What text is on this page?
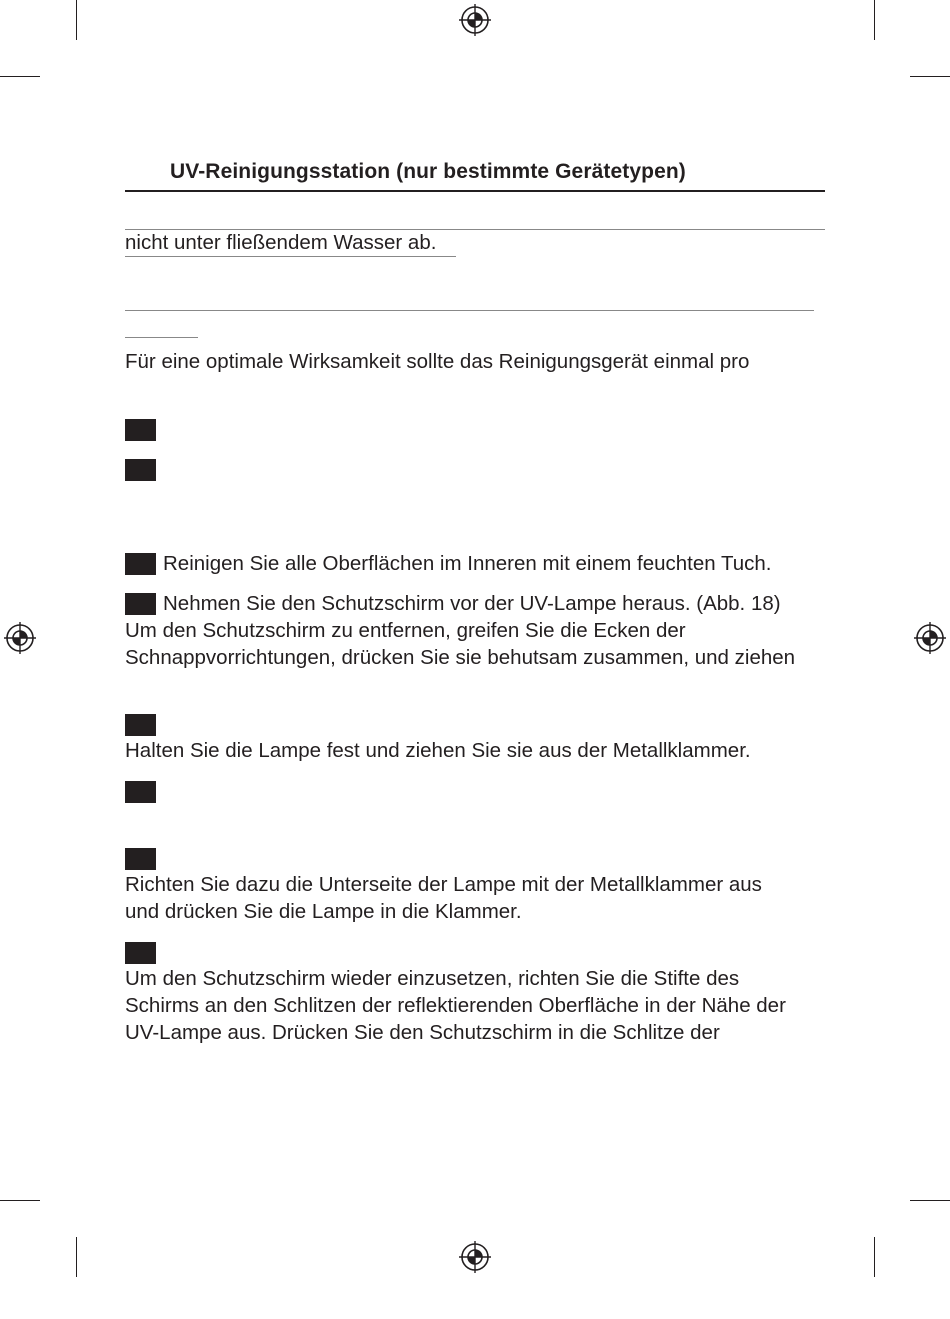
UV-Reinigungsstation (nur bestimmte Gerätetypen)
nicht unter fließendem Wasser ab.
Für eine optimale Wirksamkeit sollte das Reinigungsgerät einmal pro
Reinigen Sie alle Oberflächen im Inneren mit einem feuchten Tuch.
Nehmen Sie den Schutzschirm vor der UV-Lampe heraus. (Abb. 18)
Um den Schutzschirm zu entfernen, greifen Sie die Ecken der
Schnappvorrichtungen, drücken Sie sie behutsam zusammen, und ziehen
Halten Sie die Lampe fest und ziehen Sie sie aus der Metallklammer.
Richten Sie dazu die Unterseite der Lampe mit der Metallklammer aus
und drücken Sie die Lampe in die Klammer.
Um den Schutzschirm wieder einzusetzen, richten Sie die Stifte des
Schirms an den Schlitzen der reflektierenden Oberfläche in der Nähe der
UV-Lampe aus. Drücken Sie den Schutzschirm in die Schlitze der
